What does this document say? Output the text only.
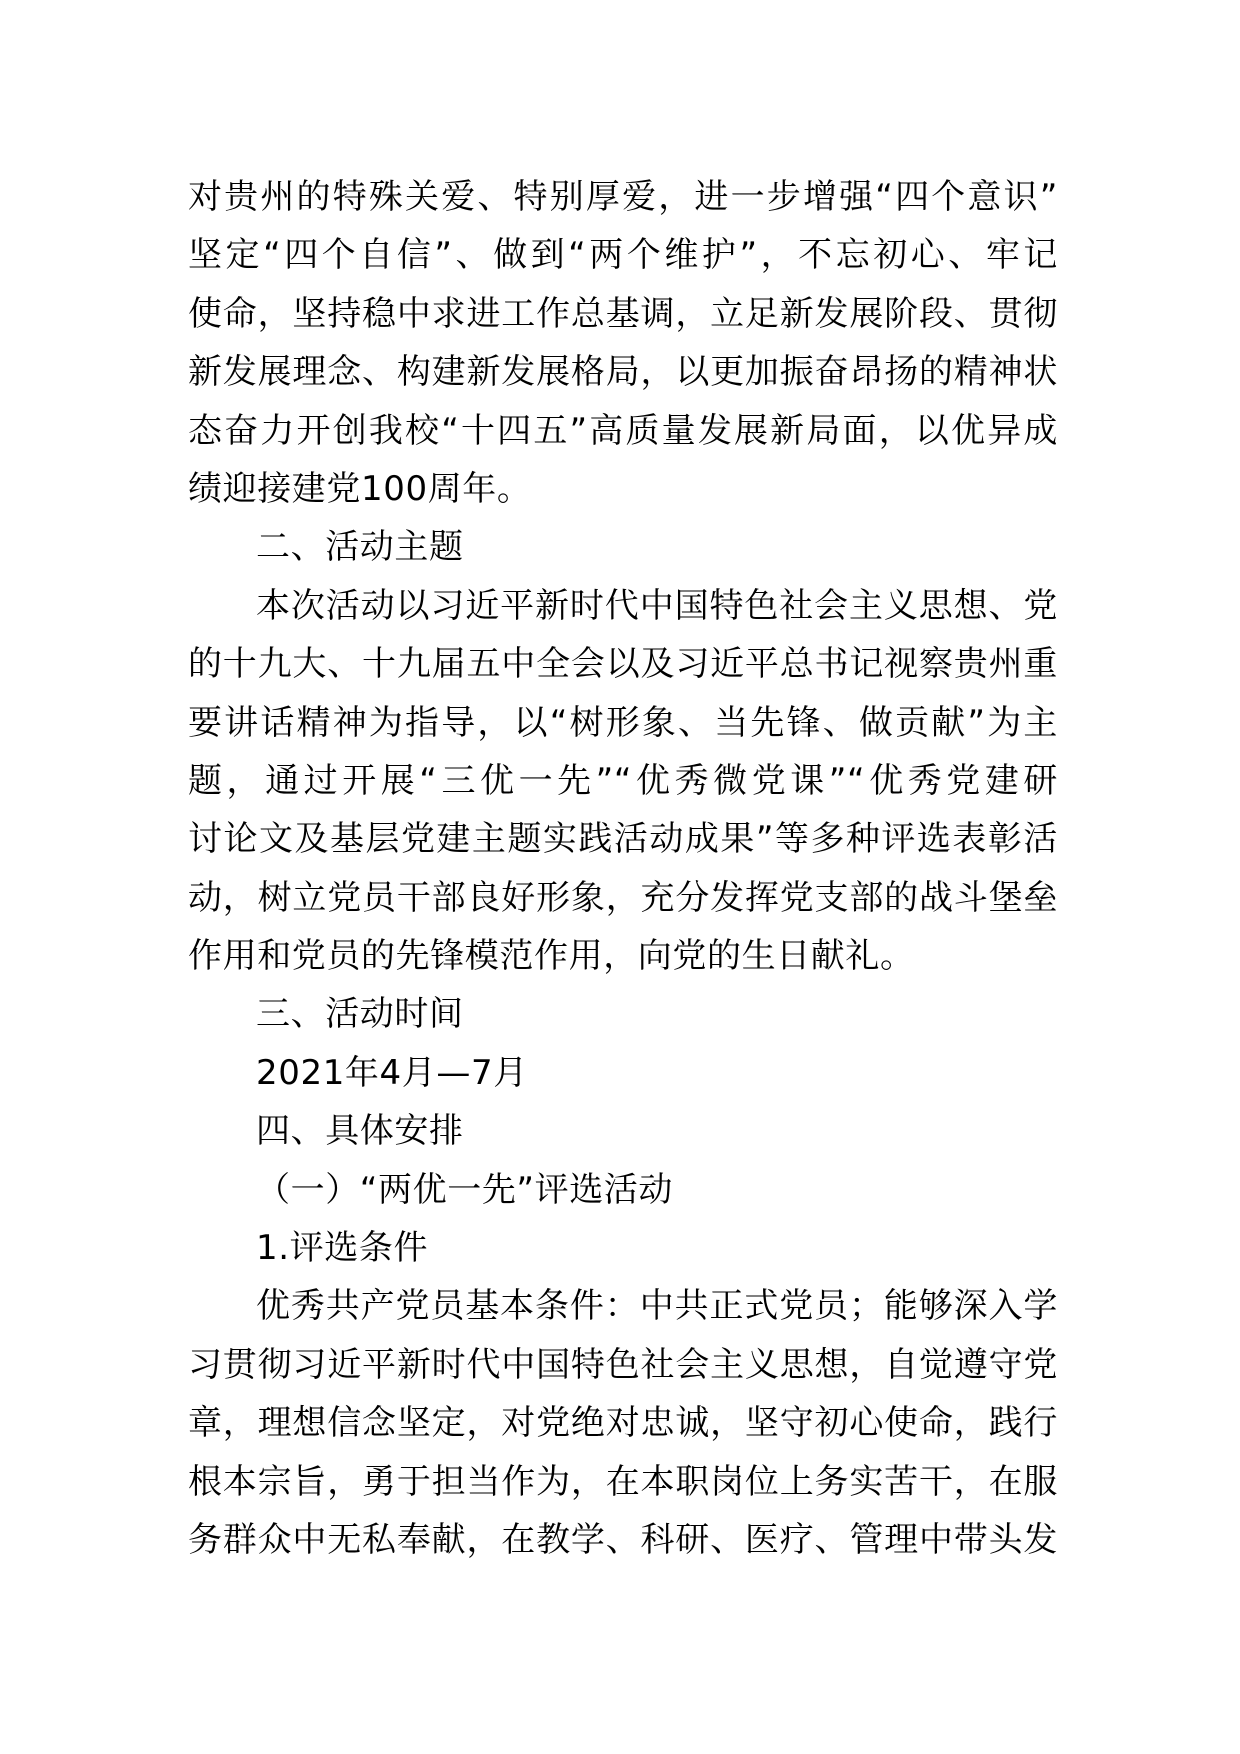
对贵州的特殊关爱、特别厚爱，进一步增强“四个意识”
坚定“四个自信”、做到“两个维护”，不忘初心、牢记
使命，坚持稳中求进工作总基调，立足新发展阶段、贯彻
新发展理念、构建新发展格局，以更加振奋昂扬的精神状
态奋力开创我校“十四五”高质量发展新局面，以优异成
绩迎接建党100周年。
二、活动主题
本次活动以习近平新时代中国特色社会主义思想、党
的十九大、十九届五中全会以及习近平总书记视察贵州重
要讲话精神为指导，以“树形象、当先锋、做贡献”为主
题，通过开展“三优一先”“优秀微党课”“优秀党建研
讨论文及基层党建主题实践活动成果”等多种评选表彰活
动，树立党员干部良好形象，充分发挥党支部的战斗堡垒
作用和党员的先锋模范作用，向党的生日献礼。
三、活动时间
2021年4月—7月
四、具体安排
（一）“两优一先”评选活动
1.评选条件
优秀共产党员基本条件：中共正式党员；能够深入学
习贯彻习近平新时代中国特色社会主义思想，自觉遵守党
章，理想信念坚定，对党绝对忠诚，坚守初心使命，践行
根本宗旨，勇于担当作为，在本职岗位上务实苦干，在服
务群众中无私奉献，在教学、科研、医疗、管理中带头发
